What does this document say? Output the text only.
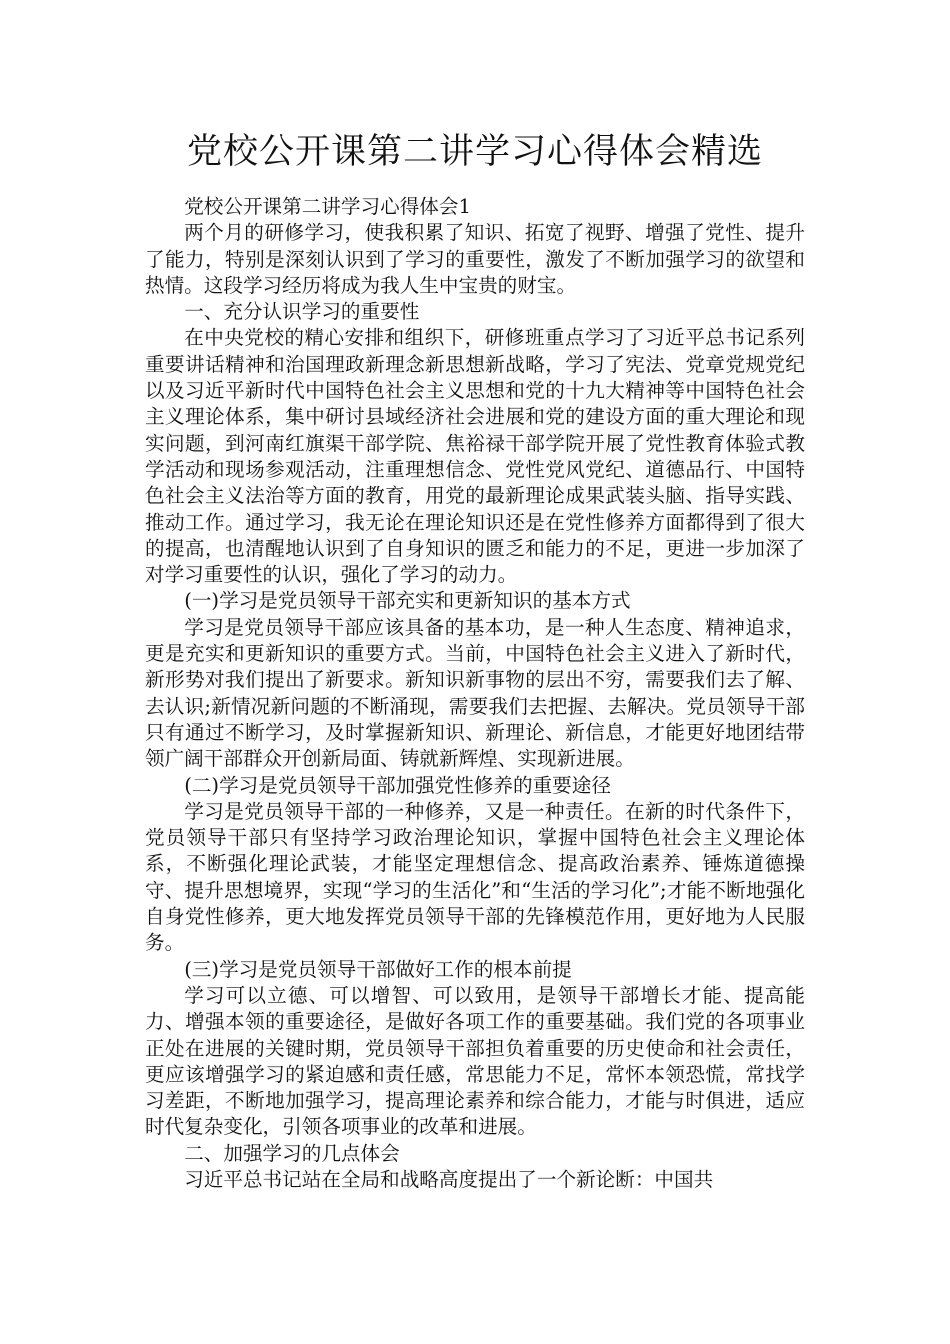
党校公开课第二讲学习心得体会精选
党校公开课第二讲学习心得体会1
两个月的研修学习，使我积累了知识、拓宽了视野、增强了党性、提升了能力，特别是深刻认识到了学习的重要性，激发了不断加强学习的欲望和热情。这段学习经历将成为我人生中宝贵的财宝。
一、充分认识学习的重要性
在中央党校的精心安排和组织下，研修班重点学习了习近平总书记系列重要讲话精神和治国理政新理念新思想新战略，学习了宪法、党章党规党纪以及习近平新时代中国特色社会主义思想和党的十九大精神等中国特色社会主义理论体系，集中研讨县域经济社会进展和党的建设方面的重大理论和现实问题，到河南红旗渠干部学院、焦裕禄干部学院开展了党性教育体验式教学活动和现场参观活动，注重理想信念、党性党风党纪、道德品行、中国特色社会主义法治等方面的教育，用党的最新理论成果武装头脑、指导实践、推动工作。通过学习，我无论在理论知识还是在党性修养方面都得到了很大的提高，也清醒地认识到了自身知识的匮乏和能力的不足，更进一步加深了对学习重要性的认识，强化了学习的动力。
(一)学习是党员领导干部充实和更新知识的基本方式
学习是党员领导干部应该具备的基本功，是一种人生态度、精神追求，更是充实和更新知识的重要方式。当前，中国特色社会主义进入了新时代，新形势对我们提出了新要求。新知识新事物的层出不穷，需要我们去了解、去认识;新情况新问题的不断涌现，需要我们去把握、去解决。党员领导干部只有通过不断学习，及时掌握新知识、新理论、新信息，才能更好地团结带领广阔干部群众开创新局面、铸就新辉煌、实现新进展。
(二)学习是党员领导干部加强党性修养的重要途径
学习是党员领导干部的一种修养，又是一种责任。在新的时代条件下，党员领导干部只有坚持学习政治理论知识，掌握中国特色社会主义理论体系，不断强化理论武装，才能坚定理想信念、提高政治素养、锤炼道德操守、提升思想境界，实现“学习的生活化”和“生活的学习化”;才能不断地强化自身党性修养，更大地发挥党员领导干部的先锋模范作用，更好地为人民服务。
(三)学习是党员领导干部做好工作的根本前提
学习可以立德、可以增智、可以致用，是领导干部增长才能、提高能力、增强本领的重要途径，是做好各项工作的重要基础。我们党的各项事业正处在进展的关键时期，党员领导干部担负着重要的历史使命和社会责任，更应该增强学习的紧迫感和责任感，常思能力不足，常怀本领恐慌，常找学习差距，不断地加强学习，提高理论素养和综合能力，才能与时俱进，适应时代复杂变化，引领各项事业的改革和进展。
二、加强学习的几点体会
习近平总书记站在全局和战略高度提出了一个新论断：中国共
